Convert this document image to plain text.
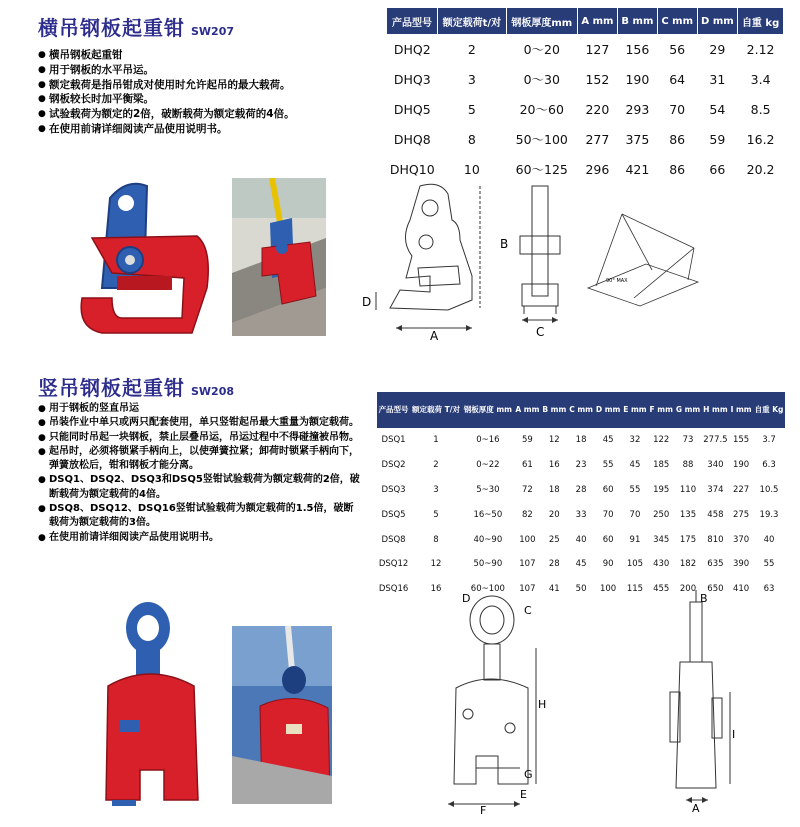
横吊钢板起重钳 SW207
● 横吊钢板起重钳
● 用于钢板的水平吊运。
● 额定载荷是指吊钳成对使用时允许起吊的最大载荷。
● 钢板较长时加平衡梁。
● 试验载荷为额定的2倍，破断载荷为额定载荷的4倍。
● 在使用前请详细阅读产品使用说明书。
产品型号	额定载荷t/对	钢板厚度mm	A mm	B mm	C mm	D mm	自重 kg
DHQ2	2	0～20	127	156	56	29	2.12
DHQ3	3	0～30	152	190	64	31	3.4
DHQ5	5	20～60	220	293	70	54	8.5
DHQ8	8	50～100	277	375	86	59	16.2
DHQ10	10	60～125	296	421	86	66	20.2
B
A
D
C
90° MAX
竖吊钢板起重钳 SW208
● 用于钢板的竖直吊运
● 吊装作业中单只或两只配套使用，单只竖钳起吊最大重量为额定载荷。
● 只能同时吊起一块钢板，禁止层叠吊运，吊运过程中不得碰撞被吊物。
● 起吊时，必须将锁紧手柄向上，以使弹簧拉紧；卸荷时锁紧手柄向下，弹簧放松后，钳和钢板才能分离。
● DSQ1、DSQ2、DSQ3和DSQ5竖钳试验载荷为额定载荷的2倍，破断载荷为额定载荷的4倍。
● DSQ8、DSQ12、DSQ16竖钳试验载荷为额定载荷的1.5倍，破断载荷为额定载荷的3倍。
● 在使用前请详细阅读产品使用说明书。
产品型号	额定载荷 T/对	钢板厚度 mm	A mm	B mm	C mm	D mm	E mm	F mm	G mm	H mm	I mm	自重 Kg
DSQ1	1	0~16	59	12	18	45	32	122	73	277.5	155	3.7
DSQ2	2	0~22	61	16	23	55	45	185	88	340	190	6.3
DSQ3	3	5~30	72	18	28	60	55	195	110	374	227	10.5
DSQ5	5	16~50	82	20	33	70	70	250	135	458	275	19.3
DSQ8	8	40~90	100	25	40	60	91	345	175	810	370	40
DSQ12	12	50~90	107	28	45	90	105	430	182	635	390	55
DSQ16	16	60~100	107	41	50	100	115	455	200	650	410	63
H
F
D
C
G
E
B
I
A
